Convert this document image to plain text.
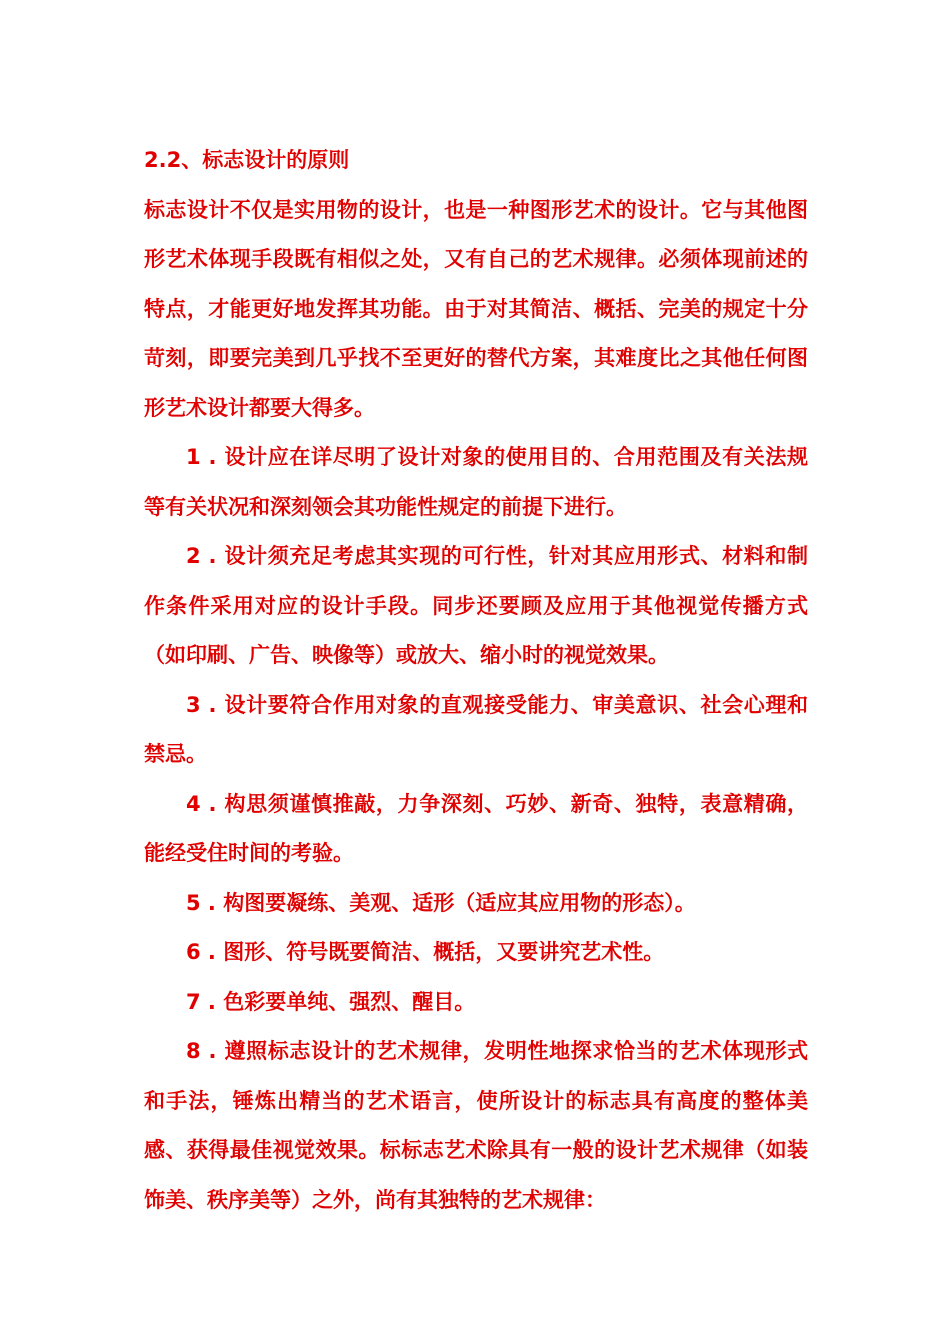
2.2、标志设计的原则

标志设计不仅是实用物的设计，也是一种图形艺术的设计。它与其他图形艺术体现手段既有相似之处，又有自己的艺术规律。必须体现前述的特点，才能更好地发挥其功能。由于对其简洁、概括、完美的规定十分苛刻，即要完美到几乎找不至更好的替代方案，其难度比之其他任何图形艺术设计都要大得多。

1 . 设计应在详尽明了设计对象的使用目的、合用范围及有关法规等有关状况和深刻领会其功能性规定的前提下进行。

2 . 设计须充足考虑其实现的可行性，针对其应用形式、材料和制作条件采用对应的设计手段。同步还要顾及应用于其他视觉传播方式（如印刷、广告、映像等）或放大、缩小时的视觉效果。

3 . 设计要符合作用对象的直观接受能力、审美意识、社会心理和禁忌。

4 . 构思须谨慎推敲，力争深刻、巧妙、新奇、独特，表意精确，能经受住时间的考验。

5 . 构图要凝练、美观、适形（适应其应用物的形态）。

6 . 图形、符号既要简洁、概括，又要讲究艺术性。

7 . 色彩要单纯、强烈、醒目。

8 . 遵照标志设计的艺术规律，发明性地探求恰当的艺术体现形式和手法，锤炼出精当的艺术语言，使所设计的标志具有高度的整体美感、获得最佳视觉效果。标标志艺术除具有一般的设计艺术规律（如装饰美、秩序美等）之外，尚有其独特的艺术规律：
